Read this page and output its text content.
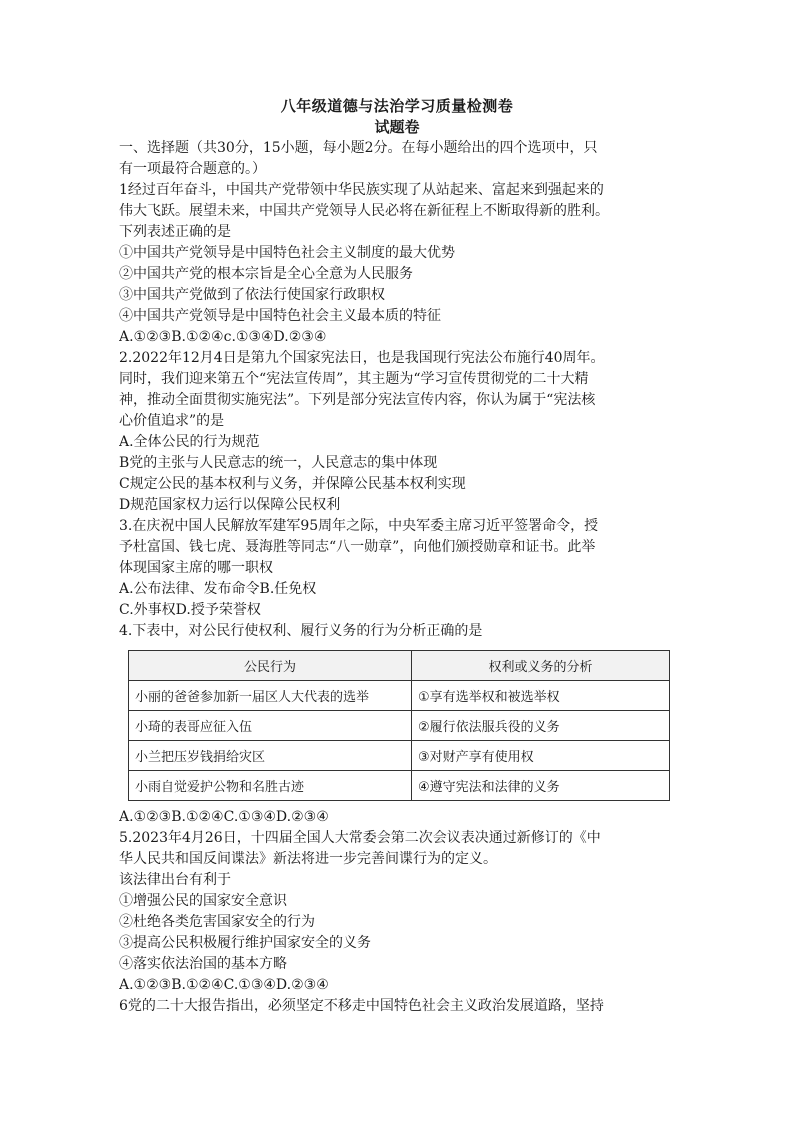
八年级道德与法治学习质量检测卷
试题卷
一、选择题（共30分，15小题，每小题2分。在每小题给出的四个选项中，只
有一项最符合题意的。）
1经过百年奋斗，中国共产党带领中华民族实现了从站起来、富起来到强起来的
伟大飞跃。展望未来，中国共产党领导人民必将在新征程上不断取得新的胜利。
下列表述正确的是
①中国共产党领导是中国特色社会主义制度的最大优势
②中国共产党的根本宗旨是全心全意为人民服务
③中国共产党做到了依法行使国家行政职权
④中国共产党领导是中国特色社会主义最本质的特征
A.①②③B.①②④c.①③④D.②③④
2.2022年12月4日是第九个国家宪法日，也是我国现行宪法公布施行40周年。
同时，我们迎来第五个“宪法宣传周”，其主题为“学习宣传贯彻党的二十大精
神，推动全面贯彻实施宪法”。下列是部分宪法宣传内容，你认为属于“宪法核
心价值追求”的是
A.全体公民的行为规范
B党的主张与人民意志的统一，人民意志的集中体现
C规定公民的基本权利与义务，并保障公民基本权利实现
D规范国家权力运行以保障公民权利
3.在庆祝中国人民解放军建军95周年之际，中央军委主席习近平签署命令，授
予杜富国、钱七虎、聂海胜等同志“八一勋章”，向他们颁授勋章和证书。此举
体现国家主席的哪一职权
A.公布法律、发布命令B.任免权
C.外事权D.授予荣誉权
4.下表中，对公民行使权利、履行义务的行为分析正确的是
公民行为	权利或义务的分析
小丽的爸爸参加新一届区人大代表的选举	①享有选举权和被选举权
小琦的表哥应征入伍	②履行依法服兵役的义务
小兰把压岁钱捐给灾区	③对财产享有使用权
小雨自觉爱护公物和名胜古迹	④遵守宪法和法律的义务
A.①②③B.①②④C.①③④D.②③④
5.2023年4月26日，十四届全国人大常委会第二次会议表决通过新修订的《中
华人民共和国反间谍法》新法将进一步完善间谍行为的定义。
该法律出台有利于
①增强公民的国家安全意识
②杜绝各类危害国家安全的行为
③提高公民积极履行维护国家安全的义务
④落实依法治国的基本方略
A.①②③B.①②④C.①③④D.②③④
6党的二十大报告指出，必须坚定不移走中国特色社会主义政治发展道路，坚持
